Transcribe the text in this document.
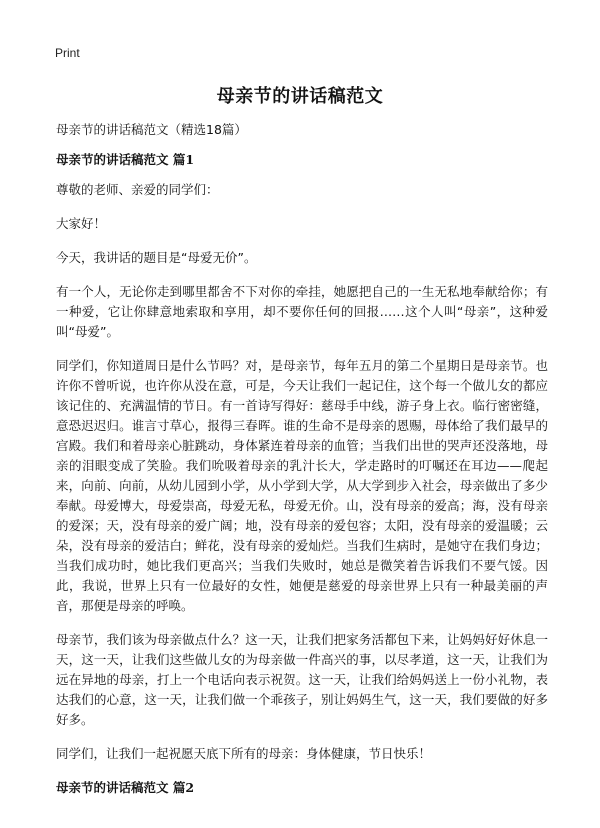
Print
母亲节的讲话稿范文

母亲节的讲话稿范文（精选18篇）

母亲节的讲话稿范文 篇1

尊敬的老师、亲爱的同学们：

大家好！

今天，我讲话的题目是“母爱无价”。

有一个人，无论你走到哪里都舍不下对你的牵挂，她愿把自己的一生无私地奉献给你；有一种爱，它让你肆意地索取和享用，却不要你任何的回报……这个人叫“母亲”，这种爱叫“母爱”。

同学们，你知道周日是什么节吗？对，是母亲节，每年五月的第二个星期日是母亲节。也许你不曾听说，也许你从没在意，可是，今天让我们一起记住，这个每一个做儿女的都应该记住的、充满温情的节日。有一首诗写得好：慈母手中线，游子身上衣。临行密密缝，意恐迟迟归。谁言寸草心，报得三春晖。谁的生命不是母亲的恩赐，母体给了我们最早的宫殿。我们和着母亲心脏跳动，身体紧连着母亲的血管；当我们出世的哭声还没落地，母亲的泪眼变成了笑脸。我们吮吸着母亲的乳汁长大，学走路时的叮嘱还在耳边——爬起来，向前、向前，从幼儿园到小学，从小学到大学，从大学到步入社会，母亲做出了多少奉献。母爱博大，母爱崇高，母爱无私，母爱无价。山，没有母亲的爱高；海，没有母亲的爱深；天，没有母亲的爱广阔；地，没有母亲的爱包容；太阳，没有母亲的爱温暖；云朵，没有母亲的爱洁白；鲜花，没有母亲的爱灿烂。当我们生病时，是她守在我们身边；当我们成功时，她比我们更高兴；当我们失败时，她总是微笑着告诉我们不要气馁。因此，我说，世界上只有一位最好的女性，她便是慈爱的母亲世界上只有一种最美丽的声音，那便是母亲的呼唤。

母亲节，我们该为母亲做点什么？这一天，让我们把家务活都包下来，让妈妈好好休息一天，这一天，让我们这些做儿女的为母亲做一件高兴的事，以尽孝道，这一天，让我们为远在异地的母亲，打上一个电话向表示祝贺。这一天，让我们给妈妈送上一份小礼物，表达我们的心意，这一天，让我们做一个乖孩子，别让妈妈生气，这一天，我们要做的好多好多。

同学们，让我们一起祝愿天底下所有的母亲：身体健康，节日快乐！

母亲节的讲话稿范文 篇2
